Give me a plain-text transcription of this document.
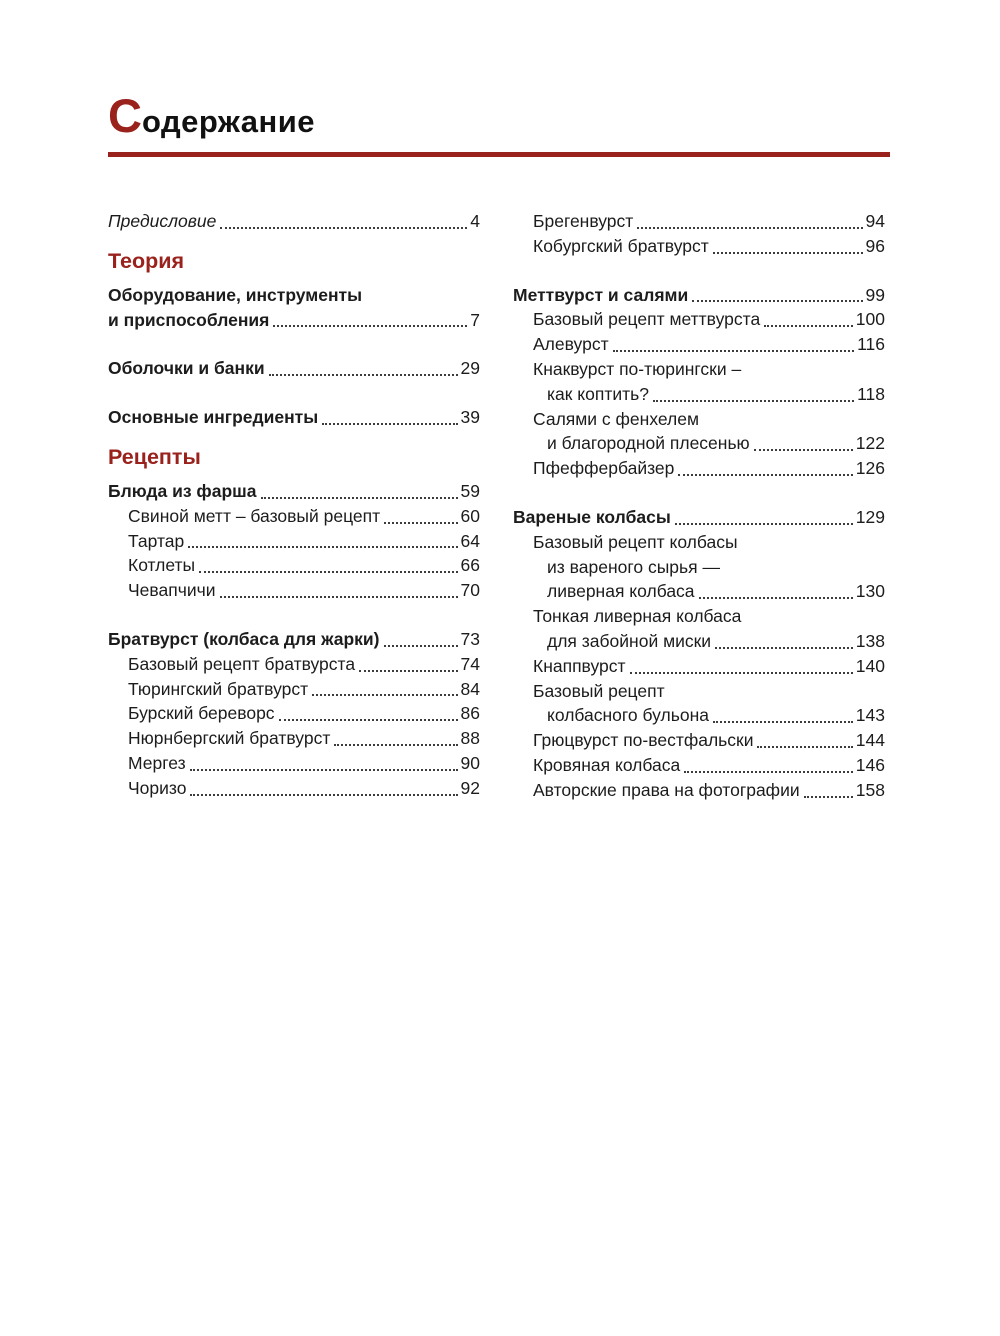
Содержание
Предисловие	4
Теория
Оборудование, инструменты
и приспособления	7
Оболочки и банки	29
Основные ингредиенты	39
Рецепты
Блюда из фарша	59
Свиной метт – базовый рецепт	60
Тартар	64
Котлеты	66
Чевапчичи	70
Братвурст (колбаса для жарки)	73
Базовый рецепт братвурста	74
Тюрингский братвурст	84
Бурский береворс	86
Нюрнбергский братвурст	88
Мергез	90
Чоризо	92
Брегенвурст	94
Кобургский братвурст	96
Меттвурст и салями	99
Базовый рецепт меттвурста	100
Алевурст	116
Кнаквурст по-тюрингски –
как коптить?	118
Салями с фенхелем
и благородной плесенью	122
Пфеффербайзер	126
Вареные колбасы	129
Базовый рецепт колбасы
из вареного сырья —
ливерная колбаса	130
Тонкая ливерная колбаса
для забойной миски	138
Кнаппвурст	140
Базовый рецепт
колбасного бульона	143
Грюцвурст по-вестфальски	144
Кровяная колбаса	146
Авторские права на фотографии	158
